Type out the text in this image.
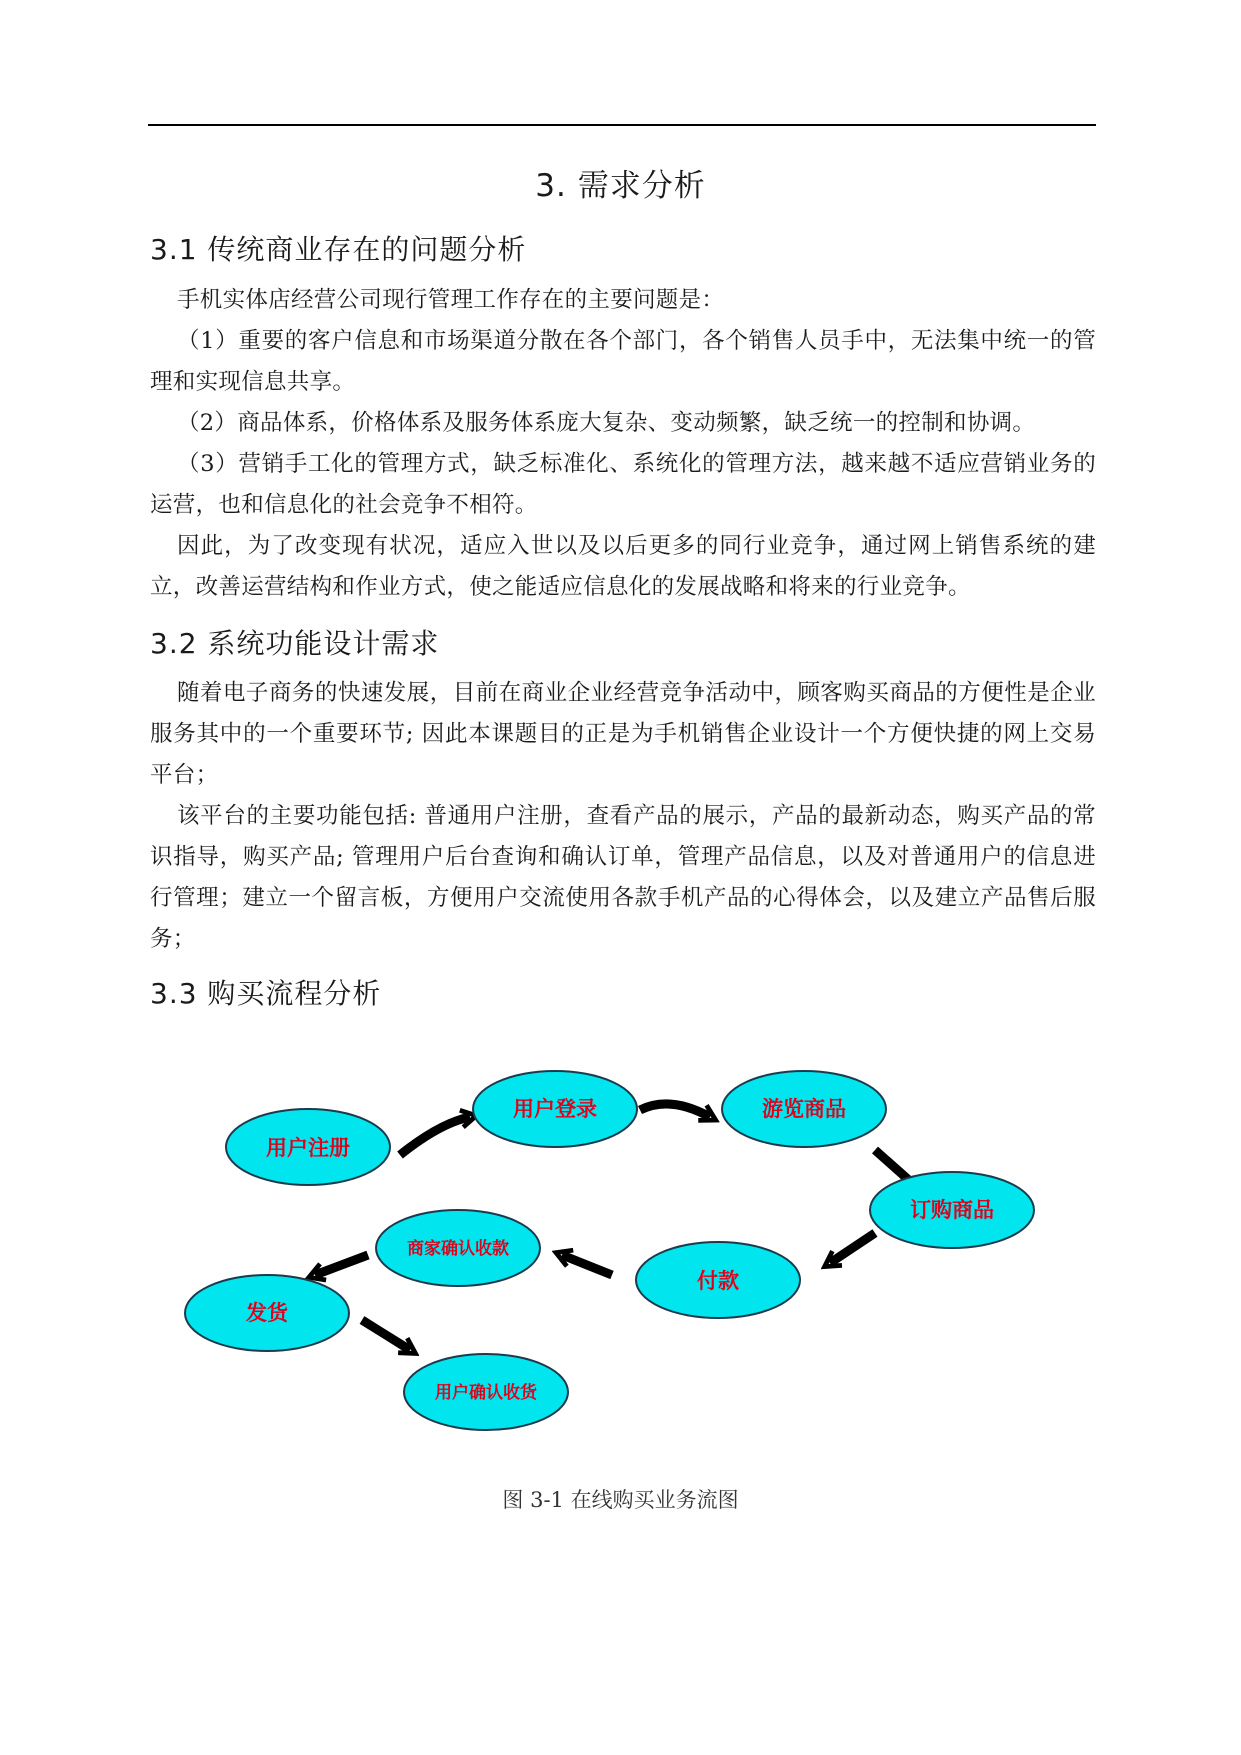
3. 需求分析
3.1 传统商业存在的问题分析
手机实体店经营公司现行管理工作存在的主要问题是：
（1）重要的客户信息和市场渠道分散在各个部门，各个销售人员手中，无法集中统一的管理和实现信息共享。
（2）商品体系，价格体系及服务体系庞大复杂、变动频繁，缺乏统一的控制和协调。
（3）营销手工化的管理方式，缺乏标准化、系统化的管理方法，越来越不适应营销业务的运营，也和信息化的社会竞争不相符。
因此，为了改变现有状况，适应入世以及以后更多的同行业竞争，通过网上销售系统的建立，改善运营结构和作业方式，使之能适应信息化的发展战略和将来的行业竞争。
3.2 系统功能设计需求
随着电子商务的快速发展，目前在商业企业经营竞争活动中，顾客购买商品的方便性是企业服务其中的一个重要环节; 因此本课题目的正是为手机销售企业设计一个方便快捷的网上交易平台；
该平台的主要功能包括: 普通用户注册，查看产品的展示，产品的最新动态，购买产品的常识指导，购买产品; 管理用户后台查询和确认订单，管理产品信息，以及对普通用户的信息进行管理；建立一个留言板，方便用户交流使用各款手机产品的心得体会，以及建立产品售后服务；
3.3 购买流程分析
用户注册
用户登录	游览商品
订购商品
付款
商家确认收款
发货
用户确认收货
图 3-1 在线购买业务流图
